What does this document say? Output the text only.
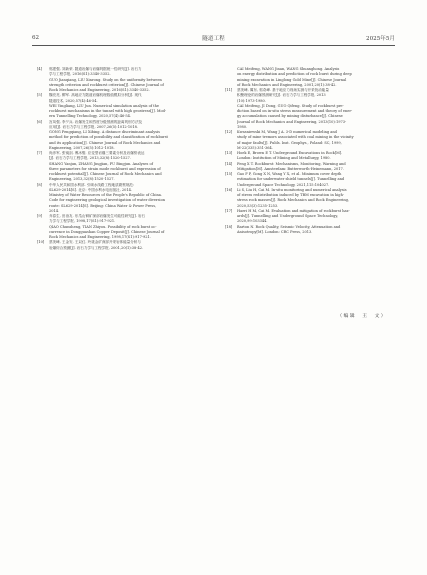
62	隧道工程	2025年5月
[4]	郭建强, 刘新荣. 隧道岩爆与岩爆判据统一性研究[J]. 岩石力
学与工程学报, 2016(S1):3340-3352.
GUO Jianqiang, LIU Xinrong. Study on the uniformity between
strength criterion and rockburst criterion[J]. Chinese Journal of
Rock Mechanics and Engineering, 2016(S1):3340-3352.
[5]	魏亮亮, 柳军. 高地应力隧道岩爆机理数值模拟分析[J]. 现代
隧道技术, 2020,57(4):46-54.
WEI Yingliang, LIU Jun. Numerical simulation analysis of the
rockburst mechanisms in the tunnel with high geostress[J]. Mod-
ern Tunnelling Technology, 2020,57(4):46-54.
[6]	宫凤强, 李夕兵. 岩爆发生和烈度分级预测的距离判别方法及
应用[J]. 岩石力学与工程学报, 2007,26(5):1012-1018.
GONG Fengqiang, LI Xibing. A distance discriminant analysis
method for prediction of possibility and classification of rockburst
and its application[J]. Chinese Journal of Rock Mechanics and
Engineering, 2007,26(5):1012-1018.
[7]	尚彦军, 张镜剑, 傅冰骏. 应变型岩爆三要素分析及岩爆势表达
[J]. 岩石力学与工程学报, 2013,32(8):1520-1527.
SHANG Yanjun, ZHANG Jingjian, FU Bingjun. Analyses of
three parameters for strain mode rockburst and expression of
rockburst potential[J]. Chinese Journal of Rock Mechanics and
Engineering, 2013,32(8):1520-1527.
[8]	中华人民共和国水利部. 引调水线路工程地质勘察规范:
SL629-2014[S]. 北京: 中国水利水电出版社, 2014.
Ministry of Water Resources of the People's Republic of China.
Code for engineering geological investigation of water diversion
route: SL629-2014[S]. Beijing: China Water & Power Press,
2014.
[9]	乔春生, 田治友. 东瓜山铜矿深部岩爆发生可能性研究[J]. 岩石
力学与工程学报, 1998,17(S1):917-921.
QIAO Chunsheng, TIAN Zhiyou. Possibility of rock burst oc-
currence in Dongguashan Copper Deposit[J]. Chinese Journal of
Rock Mechanics and Engineering, 1998,17(S1):917-921.
[10]	蔡美峰, 王金安, 王双红. 玲珑金矿深部开采岩体能量分析与
岩爆综合预测[J]. 岩石力学与工程学报, 2001,20(1):38-42.
CAI Meifeng, WANG Jinan, WANG Shuanghong. Analysis
on energy distribution and prediction of rock burst during deep
mining excavation in Linglong Gold Mine[J]. Chinese Journal
of Rock Mechanics and Engineering, 2001,20(1):38-42.
[11]	蔡美峰, 冀东, 郭奇峰. 基于地应力现场实测与开采扰动能量
积聚理论的岩爆预测研究[J]. 岩石力学与工程学报, 2013
(10):1973-1980.
CAI Meifeng, JI Dong, GUO Qifeng. Study of rockburst pre-
diction based on in-situ stress measurement and theory of ener-
gy accumulation caused by mining disturbance[J]. Chinese
Journal of Rock Mechanics and Engineering, 2013(10):1973-
1980.
[12]	Kwasniewski M, Wang J A. 3-D numerical modeling and
study of mine tremors associated with coal mining in the vicinity
of major faults[J]. Publs. Inst. Geophys., Poland: SC, 1999,
M-22(335):351-364.
[13]	Hoek E, Brown E T. Underground Excavations in Rock[M].
London: Institution of Mining and Metallurgy, 1980.
[14]	Feng X T. Rockburst: Mechanisms, Monitoring, Warning and
Mitigation[M]. Amsterdam: Butterworth-Heinemann, 2017.
[15]	Gao F P, Gong X N, Wang Y X, et al. Minimum cover depth
estimation for underwater shield tunnels[J]. Tunnelling and
Underground Space Technology, 2021,115:104027.
[16]	Li S, Liu H, Cai M. In-situ monitoring and numerical analysis
of stress redistribution induced by TBM excavation in high-
stress rock masses[J]. Rock Mechanics and Rock Engineering,
2020,53(3):1235-1253.
[17]	Haeri H M, Cai M. Evaluation and mitigation of rockburst haz-
ards[J]. Tunnelling and Underground Space Technology,
2020,99:103344.
[18]	Barton N. Rock Quality, Seismic Velocity, Attenuation and
Anisotropy[M]. London: CRC Press, 2013.
（编辑　王　文）
